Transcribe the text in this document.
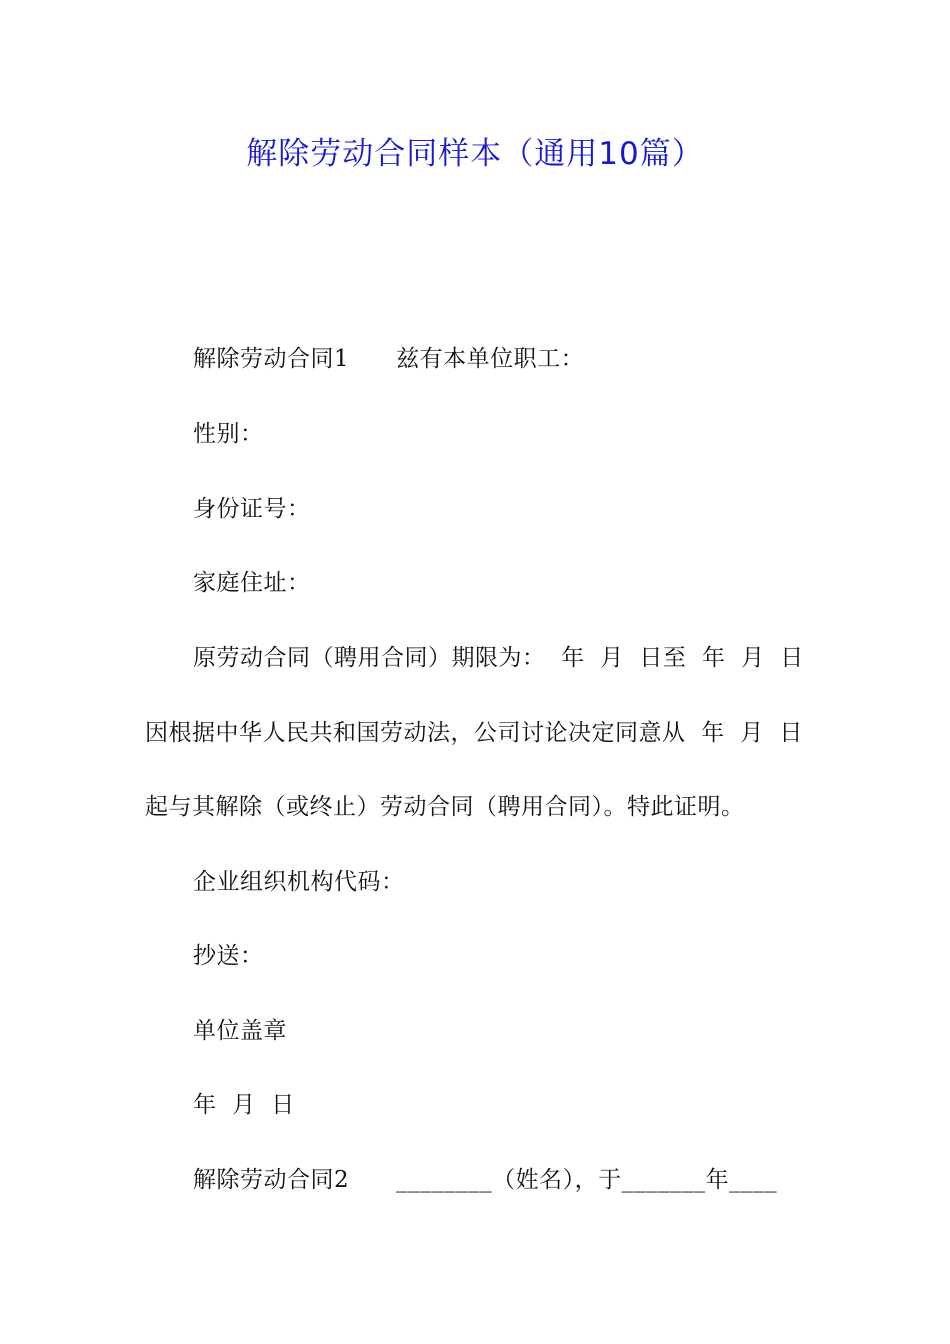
解除劳动合同样本（通用10篇）
解除劳动合同1　　兹有本单位职工：
性别：
身份证号：
家庭住址：
原劳动合同（聘用合同）期限为：  年  月  日至  年  月  日
因根据中华人民共和国劳动法，公司讨论决定同意从  年  月  日
起与其解除（或终止）劳动合同（聘用合同）。特此证明。
企业组织机构代码：
抄送：
单位盖章
年  月  日
解除劳动合同2　　________（姓名），于_______年____
